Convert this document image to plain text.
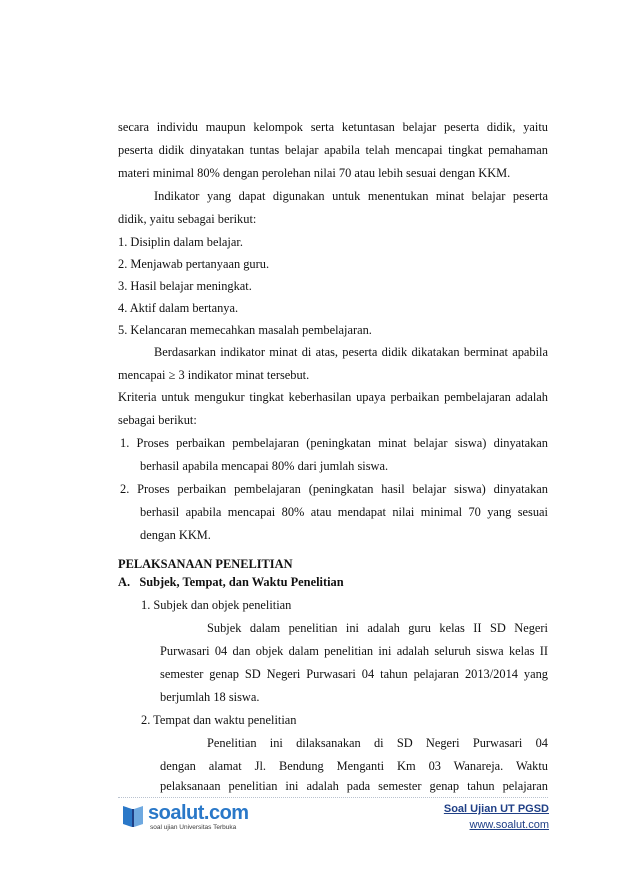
secara individu maupun kelompok serta ketuntasan belajar peserta didik, yaitu
peserta didik dinyatakan tuntas belajar apabila telah mencapai tingkat pemahaman
materi minimal 80% dengan perolehan nilai 70 atau lebih sesuai dengan KKM.
Indikator yang dapat digunakan untuk menentukan minat belajar peserta
didik, yaitu sebagai berikut:
1. Disiplin dalam belajar.
2. Menjawab pertanyaan guru.
3. Hasil belajar meningkat.
4. Aktif dalam bertanya.
5. Kelancaran memecahkan masalah pembelajaran.
Berdasarkan indikator minat di atas, peserta didik dikatakan berminat apabila
mencapai ≥ 3 indikator minat tersebut.
Kriteria untuk mengukur tingkat keberhasilan upaya perbaikan pembelajaran adalah
sebagai berikut:
1. Proses perbaikan pembelajaran (peningkatan minat belajar siswa) dinyatakan
berhasil apabila mencapai 80% dari jumlah siswa.
2. Proses perbaikan pembelajaran (peningkatan hasil belajar siswa) dinyatakan
berhasil apabila mencapai 80% atau mendapat nilai minimal 70 yang sesuai
dengan KKM.
PELAKSANAAN PENELITIAN
A.   Subjek, Tempat, dan Waktu Penelitian
1. Subjek dan objek penelitian
Subjek dalam penelitian ini adalah guru kelas II SD Negeri
Purwasari 04 dan objek dalam penelitian ini adalah seluruh siswa kelas II
semester genap SD Negeri Purwasari 04 tahun pelajaran 2013/2014 yang
berjumlah 18 siswa.
2. Tempat dan waktu penelitian
Penelitian ini dilaksanakan di SD Negeri Purwasari 04
dengan alamat Jl. Bendung Menganti Km 03 Wanareja. Waktu
pelaksanaan penelitian ini adalah pada semester genap tahun pelajaran
soalut.com
soal ujian Universitas Terbuka
Soal Ujian UT PGSD
www.soalut.com
